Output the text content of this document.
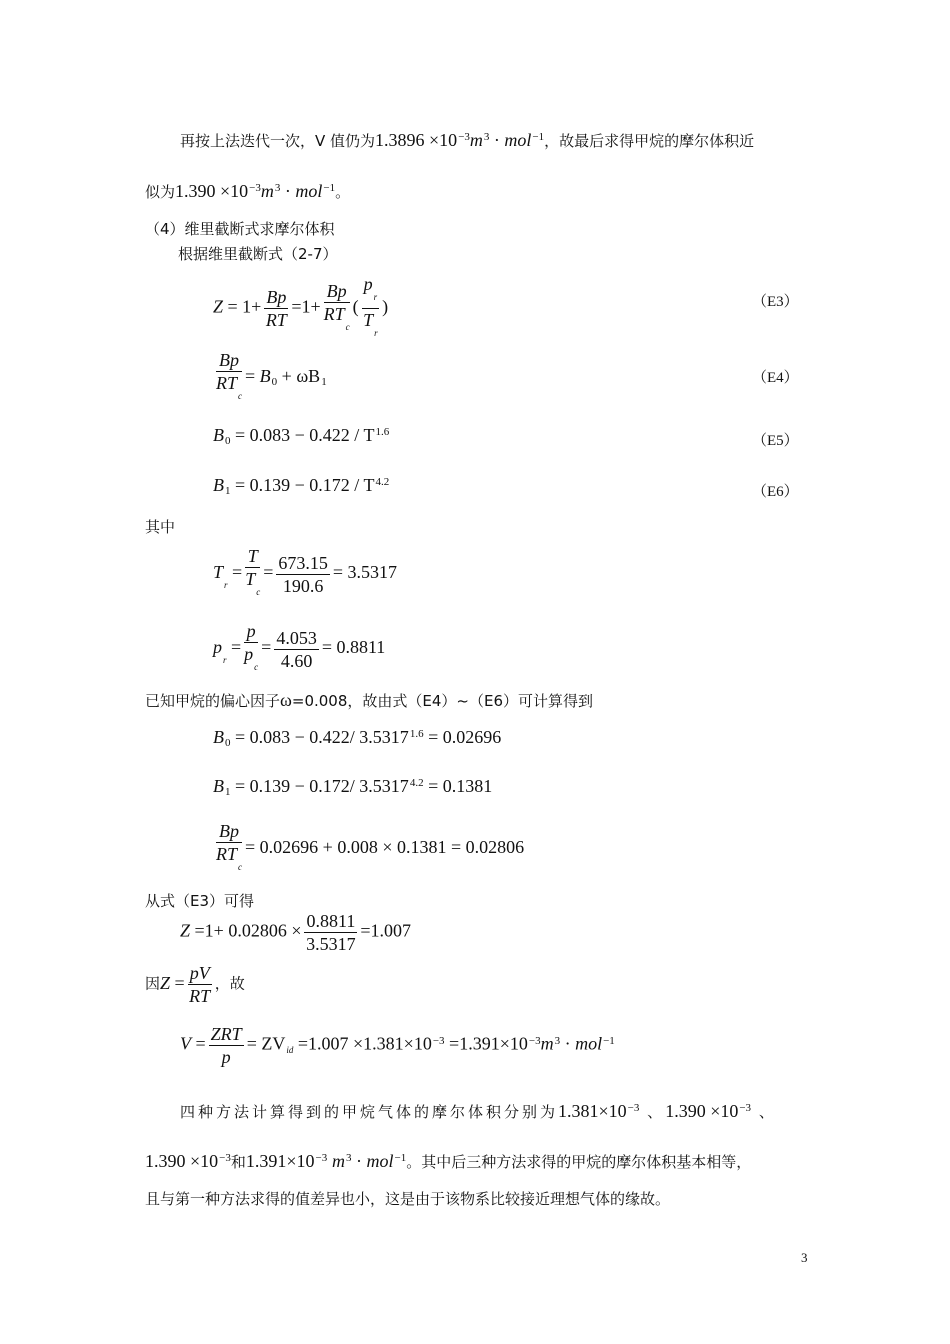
再按上法迭代一次，V 值仍为$1.3896 \times 10^{-3}m^3 \cdot mol^{-1}$，故最后求得甲烷的摩尔体积近
似为$1.390 \times 10^{-3}m^3 \cdot mol^{-1}$。
（4）维里截断式求摩尔体积
根据维里截断式（2-7）
$Z = 1+ \frac{Bp}{RT} =1+ \frac{Bp}{RT_c}$ ( $\frac{p_r}{T_r}$ )	（E3）
$\frac{Bp}{RT_c} = B_0 + \omega B_1$	（E4）
$B_0 = 0.083 - 0.422 / T^{1.6}$
（E5）
$B_1 = 0.139 - 0.172 / T^{4.2}$
（E6）
其中
$T_r = \frac{T}{T_c} = \frac{673.15}{190.6} = 3.5317$
$p_r = \frac{p}{p_c} = \frac{4.053}{4.60} = 0.8811$
已知甲烷的偏心因子ω=0.008，故由式（E4）~（E6）可计算得到
$B_0 = 0.083 - 0.422/$ $3.5317^{1.6} = 0.02696$
$B_1 = 0.139 - 0.172/$ $3.5317^{4.2} = 0.1381$
$\frac{Bp}{RT_c} = 0.02696 + 0.008 \times 0.1381 = 0.02806$
从式（E3）可得
$Z =1+ 0.02806 \times \frac{0.8811}{3.5317} =1.007$
因$Z = \frac{pV}{RT}$ ，故
$V = \frac{\text{ZRT}}{p} = ZV_{id} =1.007 \times 1.381\times 10^{-3} =1.391\times 10^{-3}m^3 \cdot mol^{-1}$
四种方法计算得到的甲烷气体的摩尔体积分别为$1.381\times 10^{-3}$ 、$1.390 \times 10^{-3}$ 、
$1.390 \times 10^{-3}$和$1.391\times 10^{-3}$ $m^3 \cdot mol^{-1}$。其中后三种方法求得的甲烷的摩尔体积基本相等，
且与第一种方法求得的值差异也小，这是由于该物系比较接近理想气体的缘故。
3
